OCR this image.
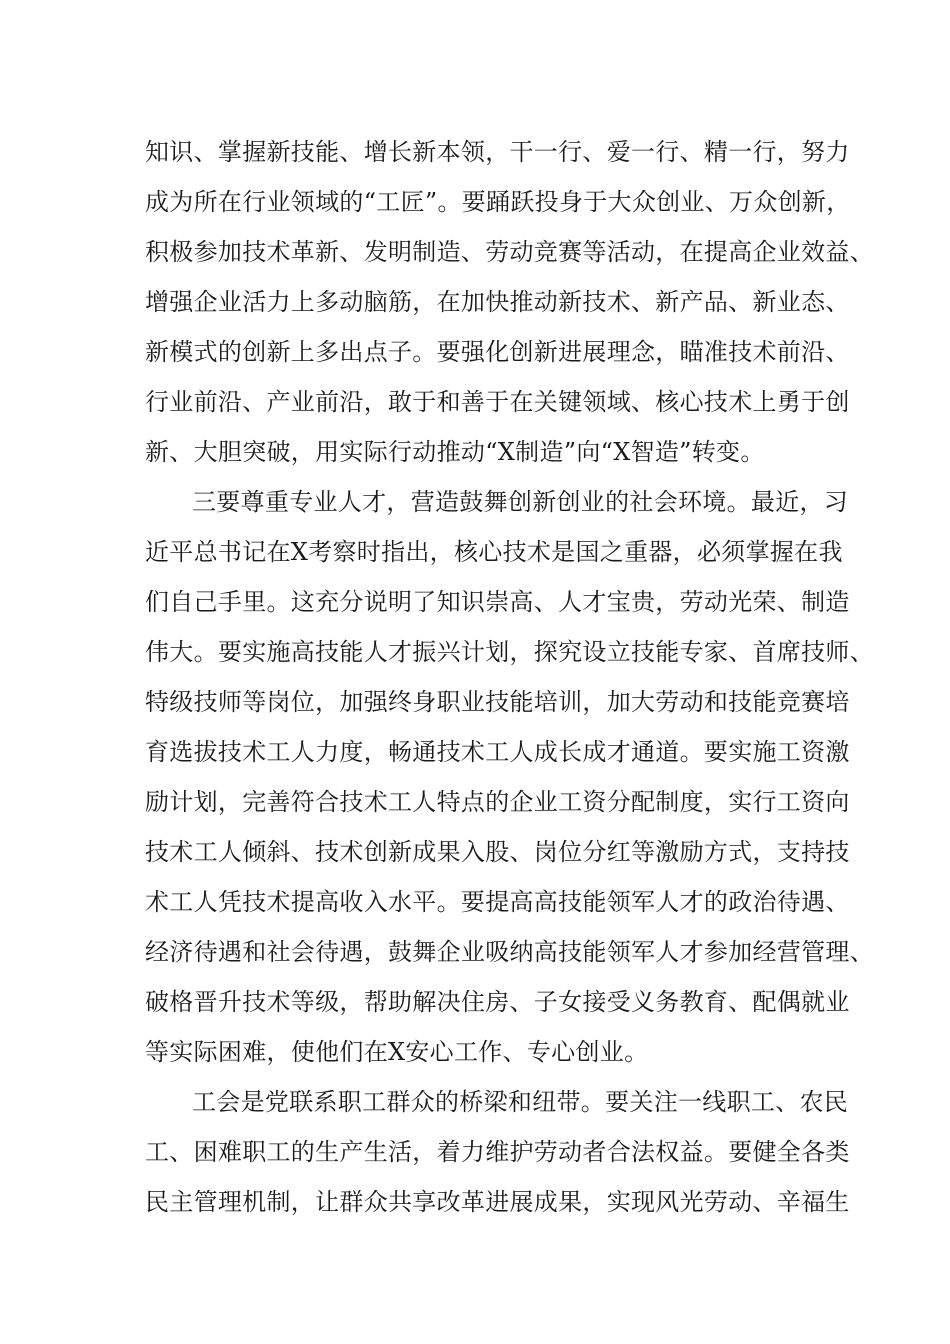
知识、掌握新技能、增长新本领，干一行、爱一行、精一行，努力
成为所在行业领域的“工匠”。要踊跃投身于大众创业、万众创新，
积极参加技术革新、发明制造、劳动竞赛等活动，在提高企业效益、
增强企业活力上多动脑筋，在加快推动新技术、新产品、新业态、
新模式的创新上多出点子。要强化创新进展理念，瞄准技术前沿、
行业前沿、产业前沿，敢于和善于在关键领域、核心技术上勇于创
新、大胆突破，用实际行动推动“X制造”向“X智造”转变。
三要尊重专业人才，营造鼓舞创新创业的社会环境。最近，习
近平总书记在X考察时指出，核心技术是国之重器，必须掌握在我
们自己手里。这充分说明了知识崇高、人才宝贵，劳动光荣、制造
伟大。要实施高技能人才振兴计划，探究设立技能专家、首席技师、
特级技师等岗位，加强终身职业技能培训，加大劳动和技能竞赛培
育选拔技术工人力度，畅通技术工人成长成才通道。要实施工资激
励计划，完善符合技术工人特点的企业工资分配制度，实行工资向
技术工人倾斜、技术创新成果入股、岗位分红等激励方式，支持技
术工人凭技术提高收入水平。要提高高技能领军人才的政治待遇、
经济待遇和社会待遇，鼓舞企业吸纳高技能领军人才参加经营管理、
破格晋升技术等级，帮助解决住房、子女接受义务教育、配偶就业
等实际困难，使他们在X安心工作、专心创业。
工会是党联系职工群众的桥梁和纽带。要关注一线职工、农民
工、困难职工的生产生活，着力维护劳动者合法权益。要健全各类
民主管理机制，让群众共享改革进展成果，实现风光劳动、辛福生
